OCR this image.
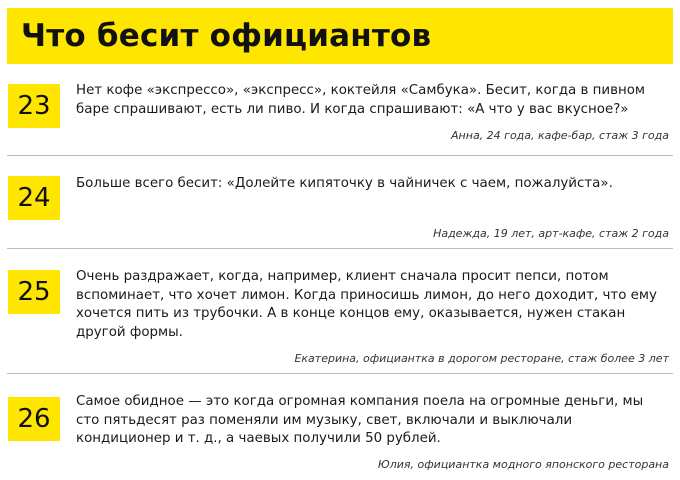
Что бесит официантов
23
Нет кофе «экспрессо», «экспресс», коктейля «Самбука». Бесит, когда в пивном баре спрашивают, есть ли пиво. И когда спрашивают: «А что у вас вкусное?»
Анна, 24 года, кафе-бар, стаж 3 года
24	Больше всего бесит: «Долейте кипяточку в чайничек с чаем, пожалуйста».
Надежда, 19 лет, арт-кафе, стаж 2 года
25
Очень раздражает, когда, например, клиент сначала просит пепси, потом вспоминает, что хочет лимон. Когда приносишь лимон, до него доходит, что ему хочется пить из трубочки. А в конце концов ему, оказывается, нужен стакан другой формы.
Екатерина, официантка в дорогом ресторане, стаж более 3 лет
26
Самое обидное — это когда огромная компания поела на огромные деньги, мы сто пятьдесят раз поменяли им музыку, свет, включали и выключали кондиционер и т. д., а чаевых получили 50 рублей.
Юлия, официантка модного японского ресторана
